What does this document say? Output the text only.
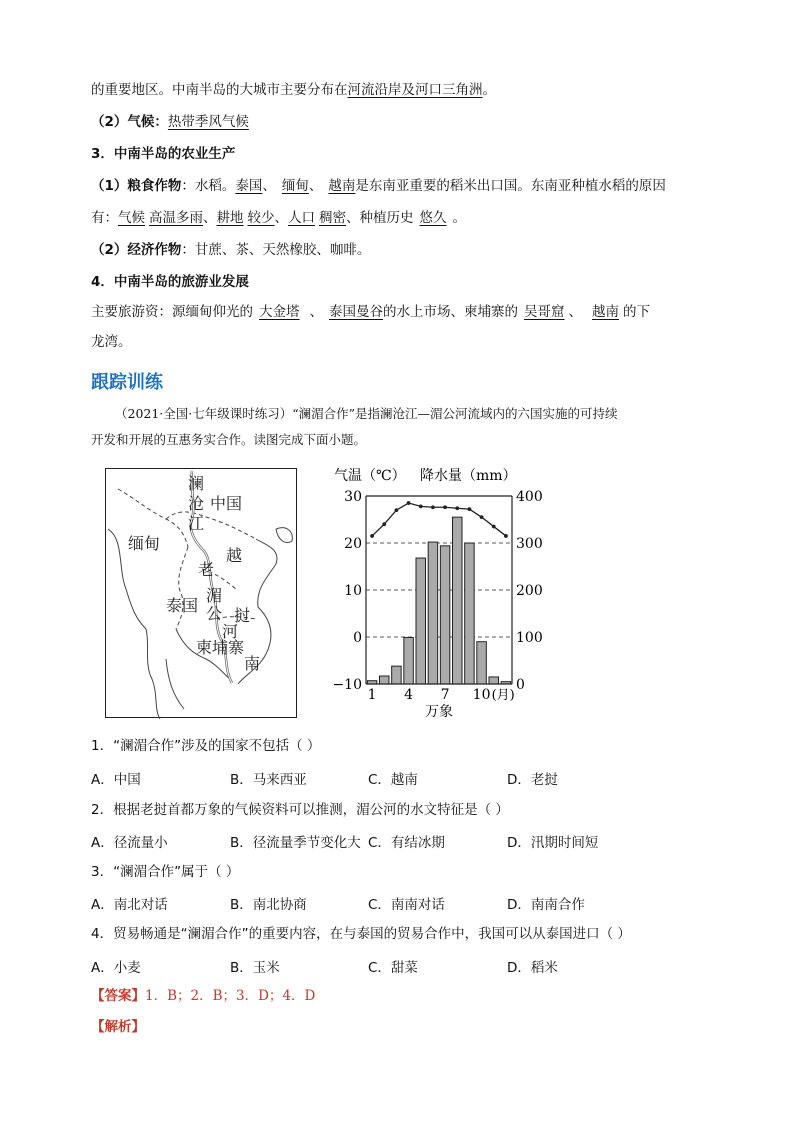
的重要地区。中南半岛的大城市主要分布在河流沿岸及河口三角洲。
（2）气候：热带季风气候
3．中南半岛的农业生产
（1）粮食作物：水稻。泰国、 缅甸、 越南是东南亚重要的稻米出口国。东南亚种植水稻的原因
有：气候 高温多雨、耕地 较少、人口 稠密、种植历史 悠久 。
（2）经济作物：甘蔗、茶、天然橡胶、咖啡。
4．中南半岛的旅游业发展
主要旅游资：源缅甸仰光的 大金塔 、 泰国曼谷的水上市场、柬埔寨的 吴哥窟 、 越南 的下
龙湾。
跟踪训练
（2021·全国·七年级课时练习）“澜湄合作”是指澜沧江—湄公河流域内的六国实施的可持续
开发和开展的互惠务实合作。读图完成下面小题。
澜
沧
江
中国
缅甸
越
老
挝
泰国
湄
公
河
柬埔寨
南
气温（℃） 降水量（mm）
30
20
10
0
−10
400
300
200
100
0
1 4 7 10 (月)
万象
1．“澜湄合作”涉及的国家不包括（ ）
A．中国	B．马来西亚	C．越南	D．老挝
2．根据老挝首都万象的气候资料可以推测，湄公河的水文特征是（ ）
A．径流量小	B．径流量季节变化大 C．有结冰期	D．汛期时间短
3．“澜湄合作”属于（ ）
A．南北对话	B．南北协商	C．南南对话	D．南南合作
4．贸易畅通是“澜湄合作”的重要内容，在与泰国的贸易合作中，我国可以从泰国进口（ ）
A．小麦	B．玉米	C．甜菜	D．稻米
【答案】1．B；2．B；3．D；4．D
【解析】
